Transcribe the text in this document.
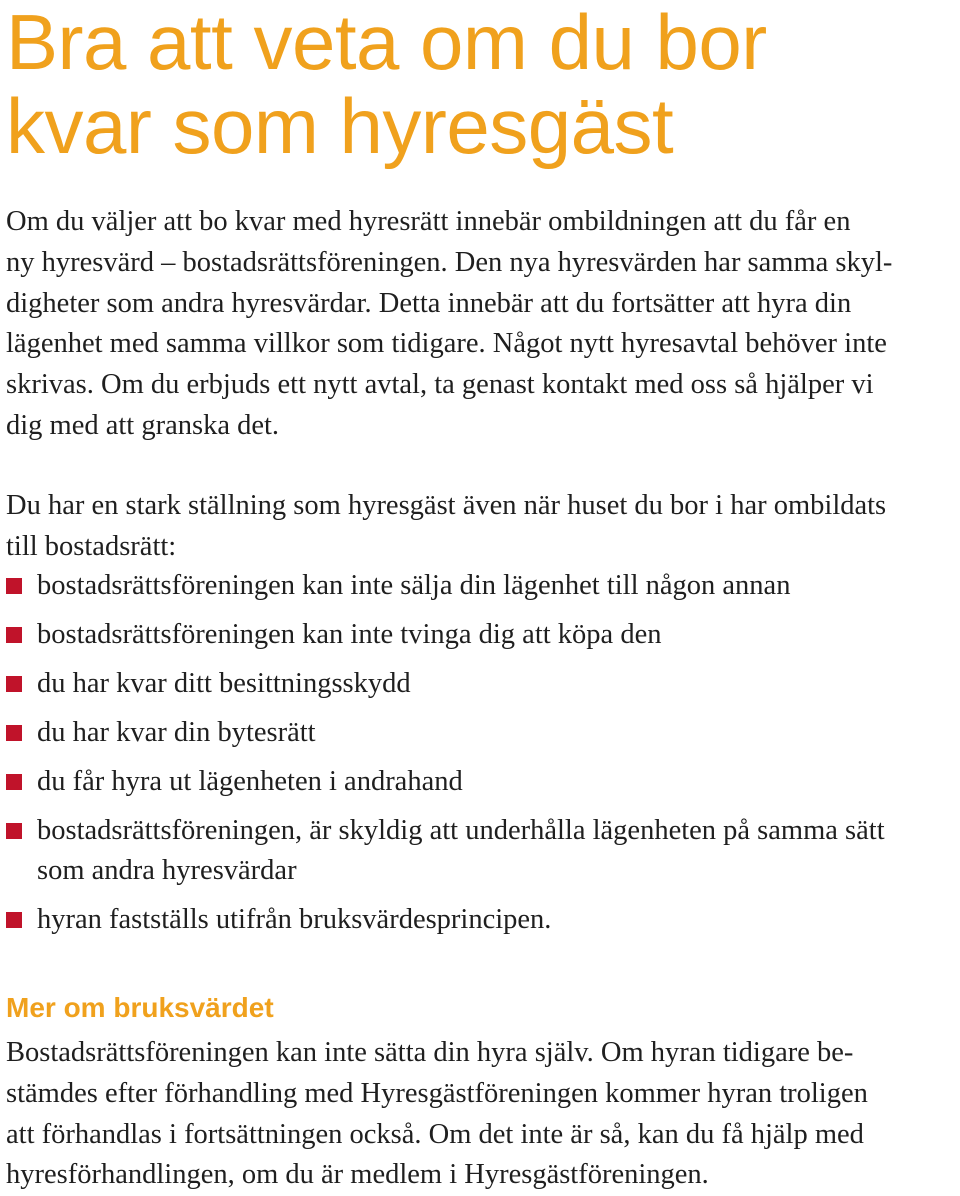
Bra att veta om du bor
kvar som hyresgäst

Om du väljer att bo kvar med hyresrätt innebär ombildningen att du får en
ny hyresvärd – bostadsrättsföreningen. Den nya hyresvärden har samma skyl-
digheter som andra hyresvärdar. Detta innebär att du fortsätter att hyra din
lägenhet med samma villkor som tidigare. Något nytt hyresavtal behöver inte
skrivas. Om du erbjuds ett nytt avtal, ta genast kontakt med oss så hjälper vi
dig med att granska det.

Du har en stark ställning som hyresgäst även när huset du bor i har ombildats
till bostadsrätt:

bostadsrättsföreningen kan inte sälja din lägenhet till någon annan
bostadsrättsföreningen kan inte tvinga dig att köpa den
du har kvar ditt besittningsskydd
du har kvar din bytesrätt
du får hyra ut lägenheten i andrahand
bostadsrättsföreningen, är skyldig att underhålla lägenheten på samma sätt
som andra hyresvärdar
hyran fastställs utifrån bruksvärdesprincipen.
Mer om bruksvärdet

Bostadsrättsföreningen kan inte sätta din hyra själv. Om hyran tidigare be-
stämdes efter förhandling med Hyresgästföreningen kommer hyran troligen
att förhandlas i fortsättningen också. Om det inte är så, kan du få hjälp med
hyresförhandlingen, om du är medlem i Hyresgästföreningen.
